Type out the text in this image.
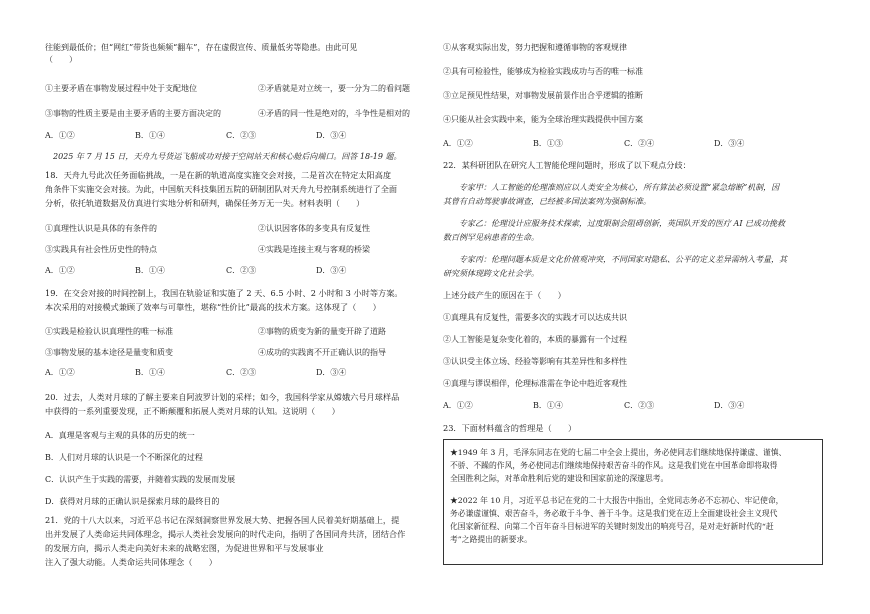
往能到最低价；但“网红”带货也频频“翻车”，存在虚假宣传、质量低劣等隐患。由此可见
（　　）
①主要矛盾在事物发展过程中处于支配地位	②矛盾就是对立统一，要一分为二的看问题
③事物的性质主要是由主要矛盾的主要方面决定的	④矛盾的同一性是绝对的，斗争性是相对的
A．①②	B．①④	C．②③	D．③④
　2025 年 7 月 15 日，天舟九号货运飞船成功对接于空间站天和核心舱后向端口。回答 18-19 题。
18．天舟九号此次任务面临挑战，一是在新的轨道高度实施交会对接，二是首次在特定太阳高度
角条件下实施交会对接。为此，中国航天科技集团五院的研制团队对天舟九号控制系统进行了全面
分析，依托轨道数据及仿真进行实地分析和研判，确保任务万无一失。材料表明（　　）
①真理性认识是具体的有条件的	②认识因客体的多变具有反复性
③实践具有社会性历史性的特点	④实践是连接主观与客观的桥梁
A．①②	B．①④	C．②③	D．③④
19．在交会对接的时间控制上，我国在轨验证和实施了 2 天、6.5 小时、2 小时和 3 小时等方案。
本次采用的对接模式兼顾了效率与可靠性，堪称“性价比”最高的技术方案。这体现了（　　）
①实践是检验认识真理性的唯一标准	②事物的质变为新的量变开辟了道路
③事物发展的基本途径是量变和质变	④成功的实践离不开正确认识的指导
A．①②	B．①④	C．②③	D．③④
20．过去，人类对月球的了解主要来自阿波罗计划的采样；如今，我国科学家从嫦娥六号月球样品
中获得的一系列重要发现，正不断颠覆和拓展人类对月球的认知。这说明（　　）
A．真理是客观与主观的具体的历史的统一
B．人们对月球的认识是一个不断深化的过程
C．认识产生于实践的需要，并随着实践的发展而发展
D．获得对月球的正确认识是探索月球的最终目的
21．党的十八大以来，习近平总书记在深刻洞察世界发展大势、把握各国人民着美好期基础上，提
出并发展了人类命运共同体理念，揭示人类社会发展向的时代走向，指明了各国同舟共济，团结合作
的发展方向，揭示人类走向美好未来的战略宏图，为促进世界和平与发展事业
注入了强大动能。人类命运共同体理念（　　）
①从客观实际出发，努力把握和遵循事物的客观规律
②具有可检验性，能够成为检验实践成功与否的唯一标准
③立足预见性结果，对事物发展前景作出合乎逻辑的推断
④只能从社会实践中来，能为全球治理实践提供中国方案
A．①②	B．①③	C．②④	D．③④
22．某科研团队在研究人工智能伦理问题时，形成了以下观点分歧：
　　专家甲：人工智能的伦理准则应以人类安全为核心，所有算法必须设置“紧急熔断”机制，因
其曾有自动驾驶事故调查，已经被多国法案列为强制标准。
　　专家乙：伦理设计应服务技术探索，过度限制会阻碍创新，英国队开发的医疗 AI 已成功挽救
数百例罕见病患者的生命。
　　专家丙：伦理问题本质是文化价值观冲突，不同国家对隐私、公平的定义差异需纳入考量，其
研究须体现跨文化社会学。
上述分歧产生的原因在于（　　）
①真理具有反复性，需要多次的实践才可以达成共识
②人工智能是复杂变化着的，本质的暴露有一个过程
③认识受主体立场、经验等影响有其差异性和多样性
④真理与谬误相伴，伦理标准需在争论中趋近客观性
A．①②	B．①④	C．②③	D．③④
23．下面材料蕴含的哲理是（　　）
★1949 年 3 月，毛泽东同志在党的七届二中全会上提出，务必使同志们继续地保持谦虚、谨慎、
不骄、不躁的作风，务必使同志们继续地保持艰苦奋斗的作风。这是我们党在中国革命即将取得
全国胜利之际，对革命胜利后党的建设和国家前途的深邃思考。
★2022 年 10 月，习近平总书记在党的二十大报告中指出，全党同志务必不忘初心、牢记使命，
务必谦虚谨慎、艰苦奋斗，务必敢于斗争、善于斗争。这是我们党在迈上全面建设社会主义现代
化国家新征程、向第二个百年奋斗目标进军的关键时刻发出的响亮号召，是对走好新时代的“赶
考”之路提出的新要求。
